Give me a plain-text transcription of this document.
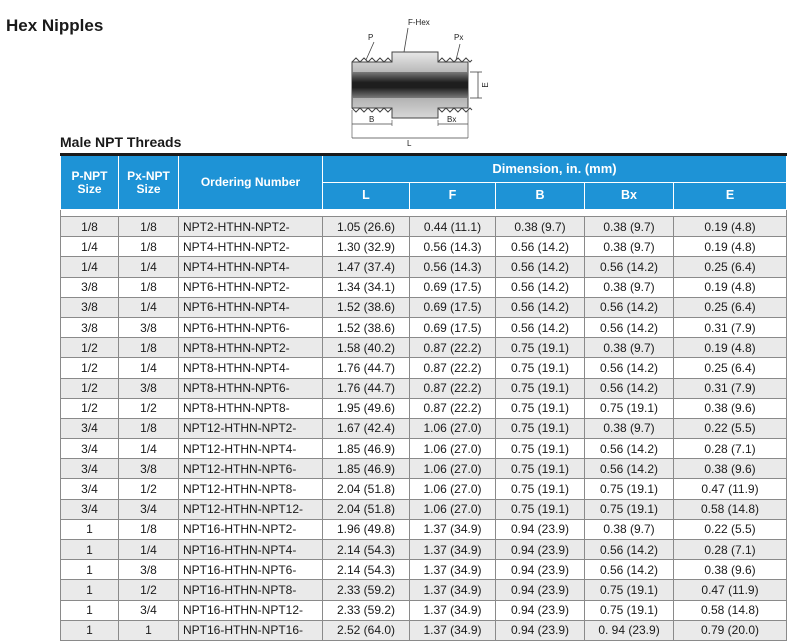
Hex Nipples
E
F-Hex
P	Px
B	Bx
L
Male NPT Threads
P-NPT Size	Px-NPT Size	Ordering Number	Dimension, in. (mm)				
			L	F	B	Bx	E

1/8	1/8	NPT2-HTHN-NPT2-	1.05 (26.6)	0.44 (11.1)	0.38 (9.7)	0.38 (9.7)	0.19 (4.8)
1/4	1/8	NPT4-HTHN-NPT2-	1.30 (32.9)	0.56 (14.3)	0.56 (14.2)	0.38 (9.7)	0.19 (4.8)
1/4	1/4	NPT4-HTHN-NPT4-	1.47 (37.4)	0.56 (14.3)	0.56 (14.2)	0.56 (14.2)	0.25 (6.4)
3/8	1/8	NPT6-HTHN-NPT2-	1.34 (34.1)	0.69 (17.5)	0.56 (14.2)	0.38 (9.7)	0.19 (4.8)
3/8	1/4	NPT6-HTHN-NPT4-	1.52 (38.6)	0.69 (17.5)	0.56 (14.2)	0.56 (14.2)	0.25 (6.4)
3/8	3/8	NPT6-HTHN-NPT6-	1.52 (38.6)	0.69 (17.5)	0.56 (14.2)	0.56 (14.2)	0.31 (7.9)
1/2	1/8	NPT8-HTHN-NPT2-	1.58 (40.2)	0.87 (22.2)	0.75 (19.1)	0.38 (9.7)	0.19 (4.8)
1/2	1/4	NPT8-HTHN-NPT4-	1.76 (44.7)	0.87 (22.2)	0.75 (19.1)	0.56 (14.2)	0.25 (6.4)
1/2	3/8	NPT8-HTHN-NPT6-	1.76 (44.7)	0.87 (22.2)	0.75 (19.1)	0.56 (14.2)	0.31 (7.9)
1/2	1/2	NPT8-HTHN-NPT8-	1.95 (49.6)	0.87 (22.2)	0.75 (19.1)	0.75 (19.1)	0.38 (9.6)
3/4	1/8	NPT12-HTHN-NPT2-	1.67 (42.4)	1.06 (27.0)	0.75 (19.1)	0.38 (9.7)	0.22 (5.5)
3/4	1/4	NPT12-HTHN-NPT4-	1.85 (46.9)	1.06 (27.0)	0.75 (19.1)	0.56 (14.2)	0.28 (7.1)
3/4	3/8	NPT12-HTHN-NPT6-	1.85 (46.9)	1.06 (27.0)	0.75 (19.1)	0.56 (14.2)	0.38 (9.6)
3/4	1/2	NPT12-HTHN-NPT8-	2.04 (51.8)	1.06 (27.0)	0.75 (19.1)	0.75 (19.1)	0.47 (11.9)
3/4	3/4	NPT12-HTHN-NPT12-	2.04 (51.8)	1.06 (27.0)	0.75 (19.1)	0.75 (19.1)	0.58 (14.8)
1	1/8	NPT16-HTHN-NPT2-	1.96 (49.8)	1.37 (34.9)	0.94 (23.9)	0.38 (9.7)	0.22 (5.5)
1	1/4	NPT16-HTHN-NPT4-	2.14 (54.3)	1.37 (34.9)	0.94 (23.9)	0.56 (14.2)	0.28 (7.1)
1	3/8	NPT16-HTHN-NPT6-	2.14 (54.3)	1.37 (34.9)	0.94 (23.9)	0.56 (14.2)	0.38 (9.6)
1	1/2	NPT16-HTHN-NPT8-	2.33 (59.2)	1.37 (34.9)	0.94 (23.9)	0.75 (19.1)	0.47 (11.9)
1	3/4	NPT16-HTHN-NPT12-	2.33 (59.2)	1.37 (34.9)	0.94 (23.9)	0.75 (19.1)	0.58 (14.8)
1	1	NPT16-HTHN-NPT16-	2.52 (64.0)	1.37 (34.9)	0.94 (23.9)	0. 94 (23.9)	0.79 (20.0)
